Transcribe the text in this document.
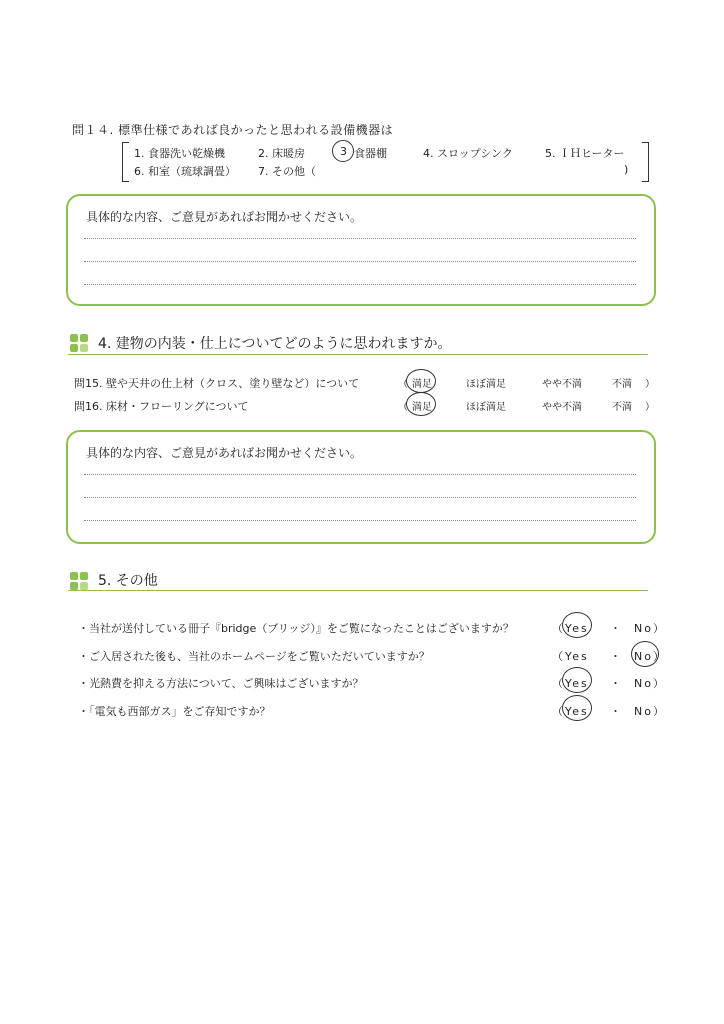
問１４. 標準仕様であれば良かったと思われる設備機器は
1. 食器洗い乾燥機	2. 床暖房	3 食器棚	4. スロップシンク	5. ＩＨヒーター
6. 和室（琉球調畳） 7. その他（	)
具体的な内容、ご意見があればお聞かせください。
4. 建物の内装・仕上についてどのように思われますか。
問15. 壁や天井の仕上材（クロス、塗り壁など）について	（ 満足	ほぼ満足	やや不満	不満 ）
問16. 床材・フローリングについて	（ 満足	ほぼ満足	やや不満	不満 ）
具体的な内容、ご意見があればお聞かせください。
5. その他
・当社が送付している冊子『bridge（ブリッジ）』をご覧になったことはございますか？	（Yes ・ No）
・ご入居された後も、当社のホームページをご覧いただいていますか？	（Yes ・ No）
・光熱費を抑える方法について、ご興味はございますか？	（Yes ・ No）
・「電気も西部ガス」をご存知ですか？	（Yes ・ No）
